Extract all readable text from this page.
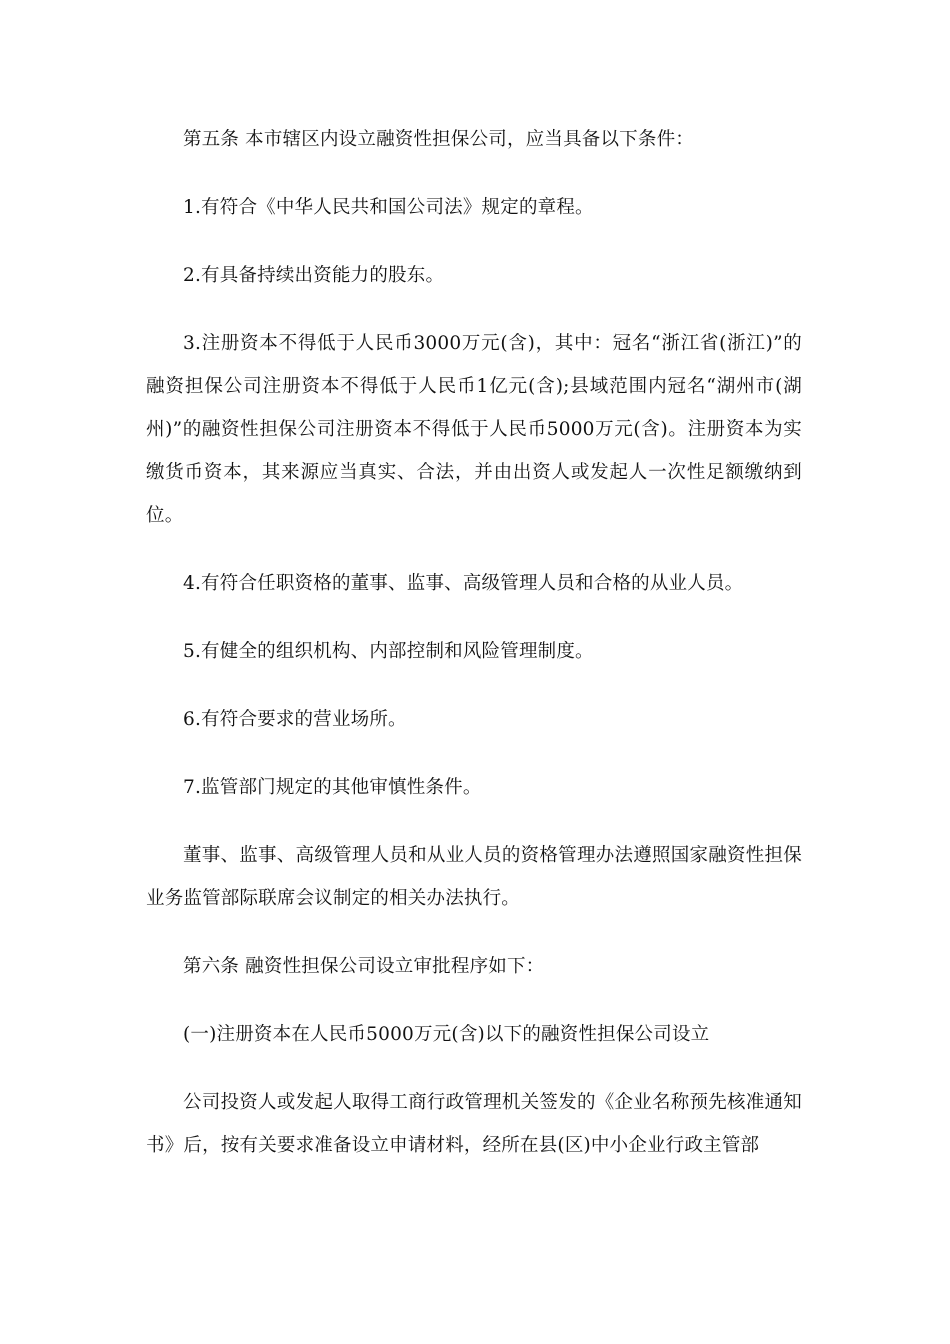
第五条 本市辖区内设立融资性担保公司，应当具备以下条件：

1.有符合《中华人民共和国公司法》规定的章程。

2.有具备持续出资能力的股东。

3.注册资本不得低于人民币3000万元(含)，其中：冠名“浙江省(浙江)”的融资担保公司注册资本不得低于人民币1亿元(含);县域范围内冠名“湖州市(湖州)”的融资性担保公司注册资本不得低于人民币5000万元(含)。注册资本为实缴货币资本，其来源应当真实、合法，并由出资人或发起人一次性足额缴纳到位。

4.有符合任职资格的董事、监事、高级管理人员和合格的从业人员。

5.有健全的组织机构、内部控制和风险管理制度。

6.有符合要求的营业场所。

7.监管部门规定的其他审慎性条件。

董事、监事、高级管理人员和从业人员的资格管理办法遵照国家融资性担保业务监管部际联席会议制定的相关办法执行。

第六条 融资性担保公司设立审批程序如下：

(一)注册资本在人民币5000万元(含)以下的融资性担保公司设立

公司投资人或发起人取得工商行政管理机关签发的《企业名称预先核准通知书》后，按有关要求准备设立申请材料，经所在县(区)中小企业行政主管部
